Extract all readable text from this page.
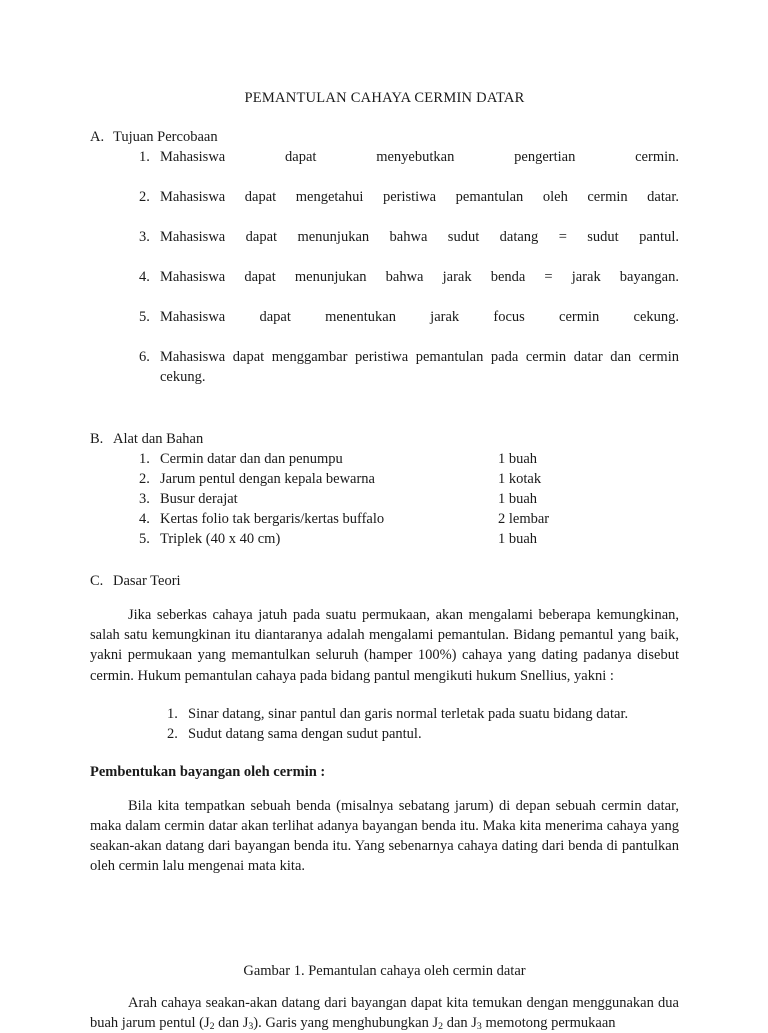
PEMANTULAN CAHAYA CERMIN DATAR
A. Tujuan Percobaan
1. Mahasiswa dapat menyebutkan pengertian cermin.
2. Mahasiswa dapat mengetahui peristiwa pemantulan oleh cermin datar.
3. Mahasiswa dapat menunjukan bahwa sudut datang = sudut pantul.
4. Mahasiswa dapat menunjukan bahwa jarak benda = jarak bayangan.
5. Mahasiswa dapat menentukan jarak focus cermin cekung.
6. Mahasiswa dapat menggambar peristiwa pemantulan pada cermin datar dan cermin cekung.
B. Alat dan Bahan
1. Cermin datar dan dan penumpu	1 buah
2. Jarum pentul dengan kepala bewarna	1 kotak
3. Busur derajat	1 buah
4. Kertas folio tak bergaris/kertas buffalo	2 lembar
5. Triplek (40 x 40 cm)	1 buah
C. Dasar Teori

Jika seberkas cahaya jatuh pada suatu permukaan, akan mengalami beberapa kemungkinan, salah satu kemungkinan itu diantaranya adalah mengalami pemantulan. Bidang pemantul yang baik, yakni permukaan yang memantulkan seluruh (hamper 100%) cahaya yang dating padanya disebut cermin. Hukum pemantulan cahaya pada bidang pantul mengikuti hukum Snellius, yakni :

1. Sinar datang, sinar pantul dan garis normal terletak pada suatu bidang datar.
2. Sudut datang sama dengan sudut pantul.

Pembentukan bayangan oleh cermin :

Bila kita tempatkan sebuah benda (misalnya sebatang jarum) di depan sebuah cermin datar, maka dalam cermin datar akan terlihat adanya bayangan benda itu. Maka kita menerima cahaya yang seakan-akan datang dari bayangan benda itu. Yang sebenarnya cahaya dating dari benda di pantulkan oleh cermin lalu mengenai mata kita.

Gambar 1. Pemantulan cahaya oleh cermin datar

Arah cahaya seakan-akan datang dari bayangan dapat kita temukan dengan menggunakan dua buah jarum pentul ($J_2$ dan $J_3$). Garis yang menghubungkan $J_2$ dan $J_3$ memotong permukaan
